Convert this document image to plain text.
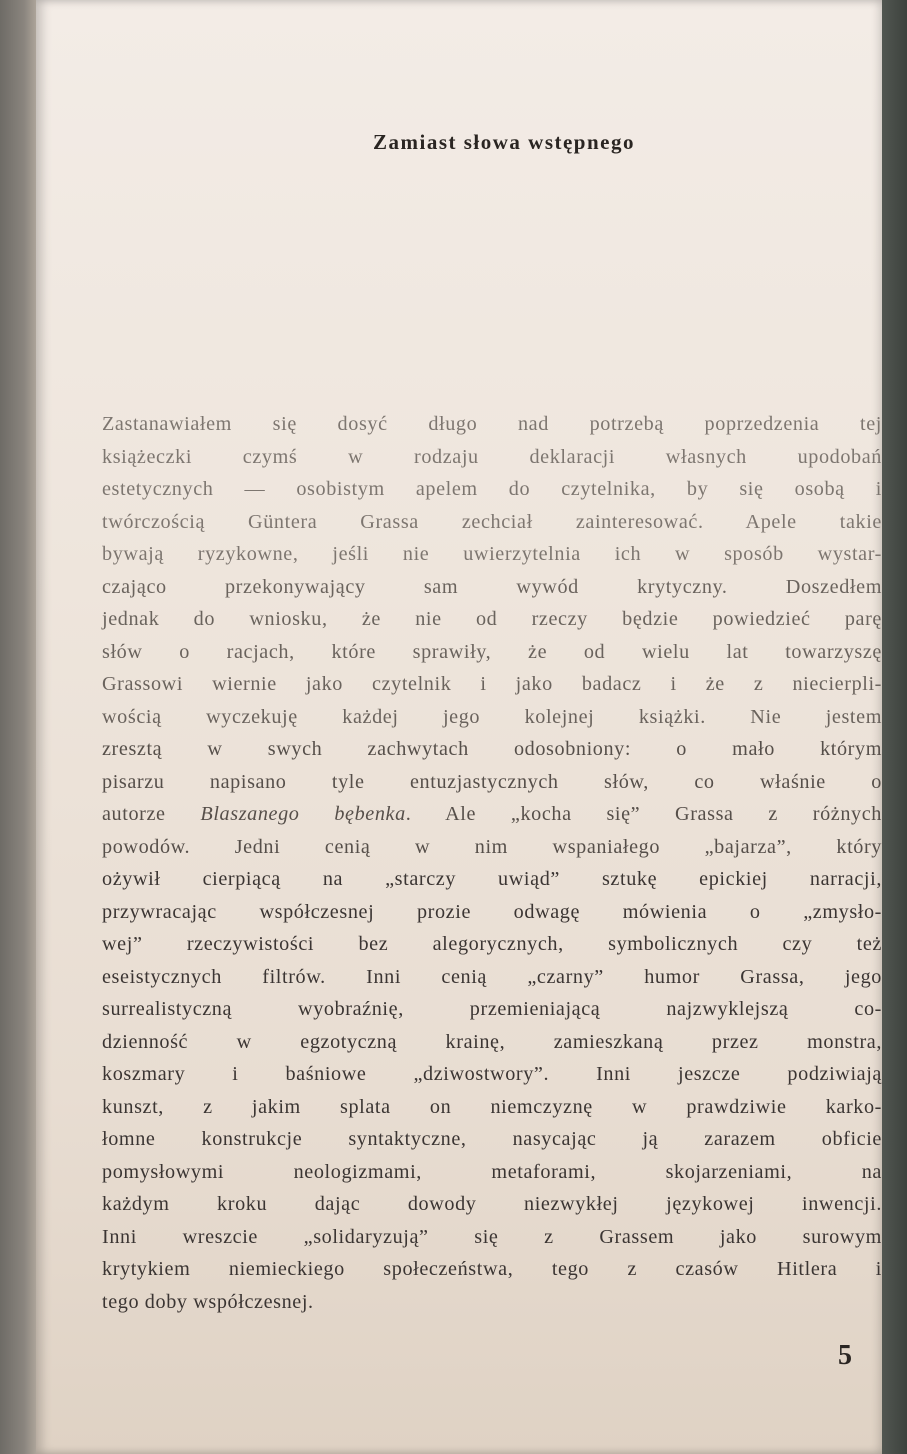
Zamiast słowa wstępnego
Zastanawiałem się dosyć długo nad potrzebą poprzedzenia tej
książeczki czymś w rodzaju deklaracji własnych upodobań
estetycznych — osobistym apelem do czytelnika, by się osobą i
twórczością Güntera Grassa zechciał zainteresować. Apele takie
bywają ryzykowne, jeśli nie uwierzytelnia ich w sposób wystar-
czająco przekonywający sam wywód krytyczny. Doszedłem
jednak do wniosku, że nie od rzeczy będzie powiedzieć parę
słów o racjach, które sprawiły, że od wielu lat towarzyszę
Grassowi wiernie jako czytelnik i jako badacz i że z niecierpli-
wością wyczekuję każdej jego kolejnej książki. Nie jestem
zresztą w swych zachwytach odosobniony: o mało którym
pisarzu napisano tyle entuzjastycznych słów, co właśnie o
autorze Blaszanego bębenka. Ale „kocha się” Grassa z różnych
powodów. Jedni cenią w nim wspaniałego „bajarza”, który
ożywił cierpiącą na „starczy uwiąd” sztukę epickiej narracji,
przywracając współczesnej prozie odwagę mówienia o „zmysło-
wej” rzeczywistości bez alegorycznych, symbolicznych czy też
eseistycznych filtrów. Inni cenią „czarny” humor Grassa, jego
surrealistyczną wyobraźnię, przemieniającą najzwyklejszą co-
dzienność w egzotyczną krainę, zamieszkaną przez monstra,
koszmary i baśniowe „dziwostwory”. Inni jeszcze podziwiają
kunszt, z jakim splata on niemczyznę w prawdziwie karko-
łomne konstrukcje syntaktyczne, nasycając ją zarazem obficie
pomysłowymi neologizmami, metaforami, skojarzeniami, na
każdym kroku dając dowody niezwykłej językowej inwencji.
Inni wreszcie „solidaryzują” się z Grassem jako surowym
krytykiem niemieckiego społeczeństwa, tego z czasów Hitlera i
tego doby współczesnej.
5
